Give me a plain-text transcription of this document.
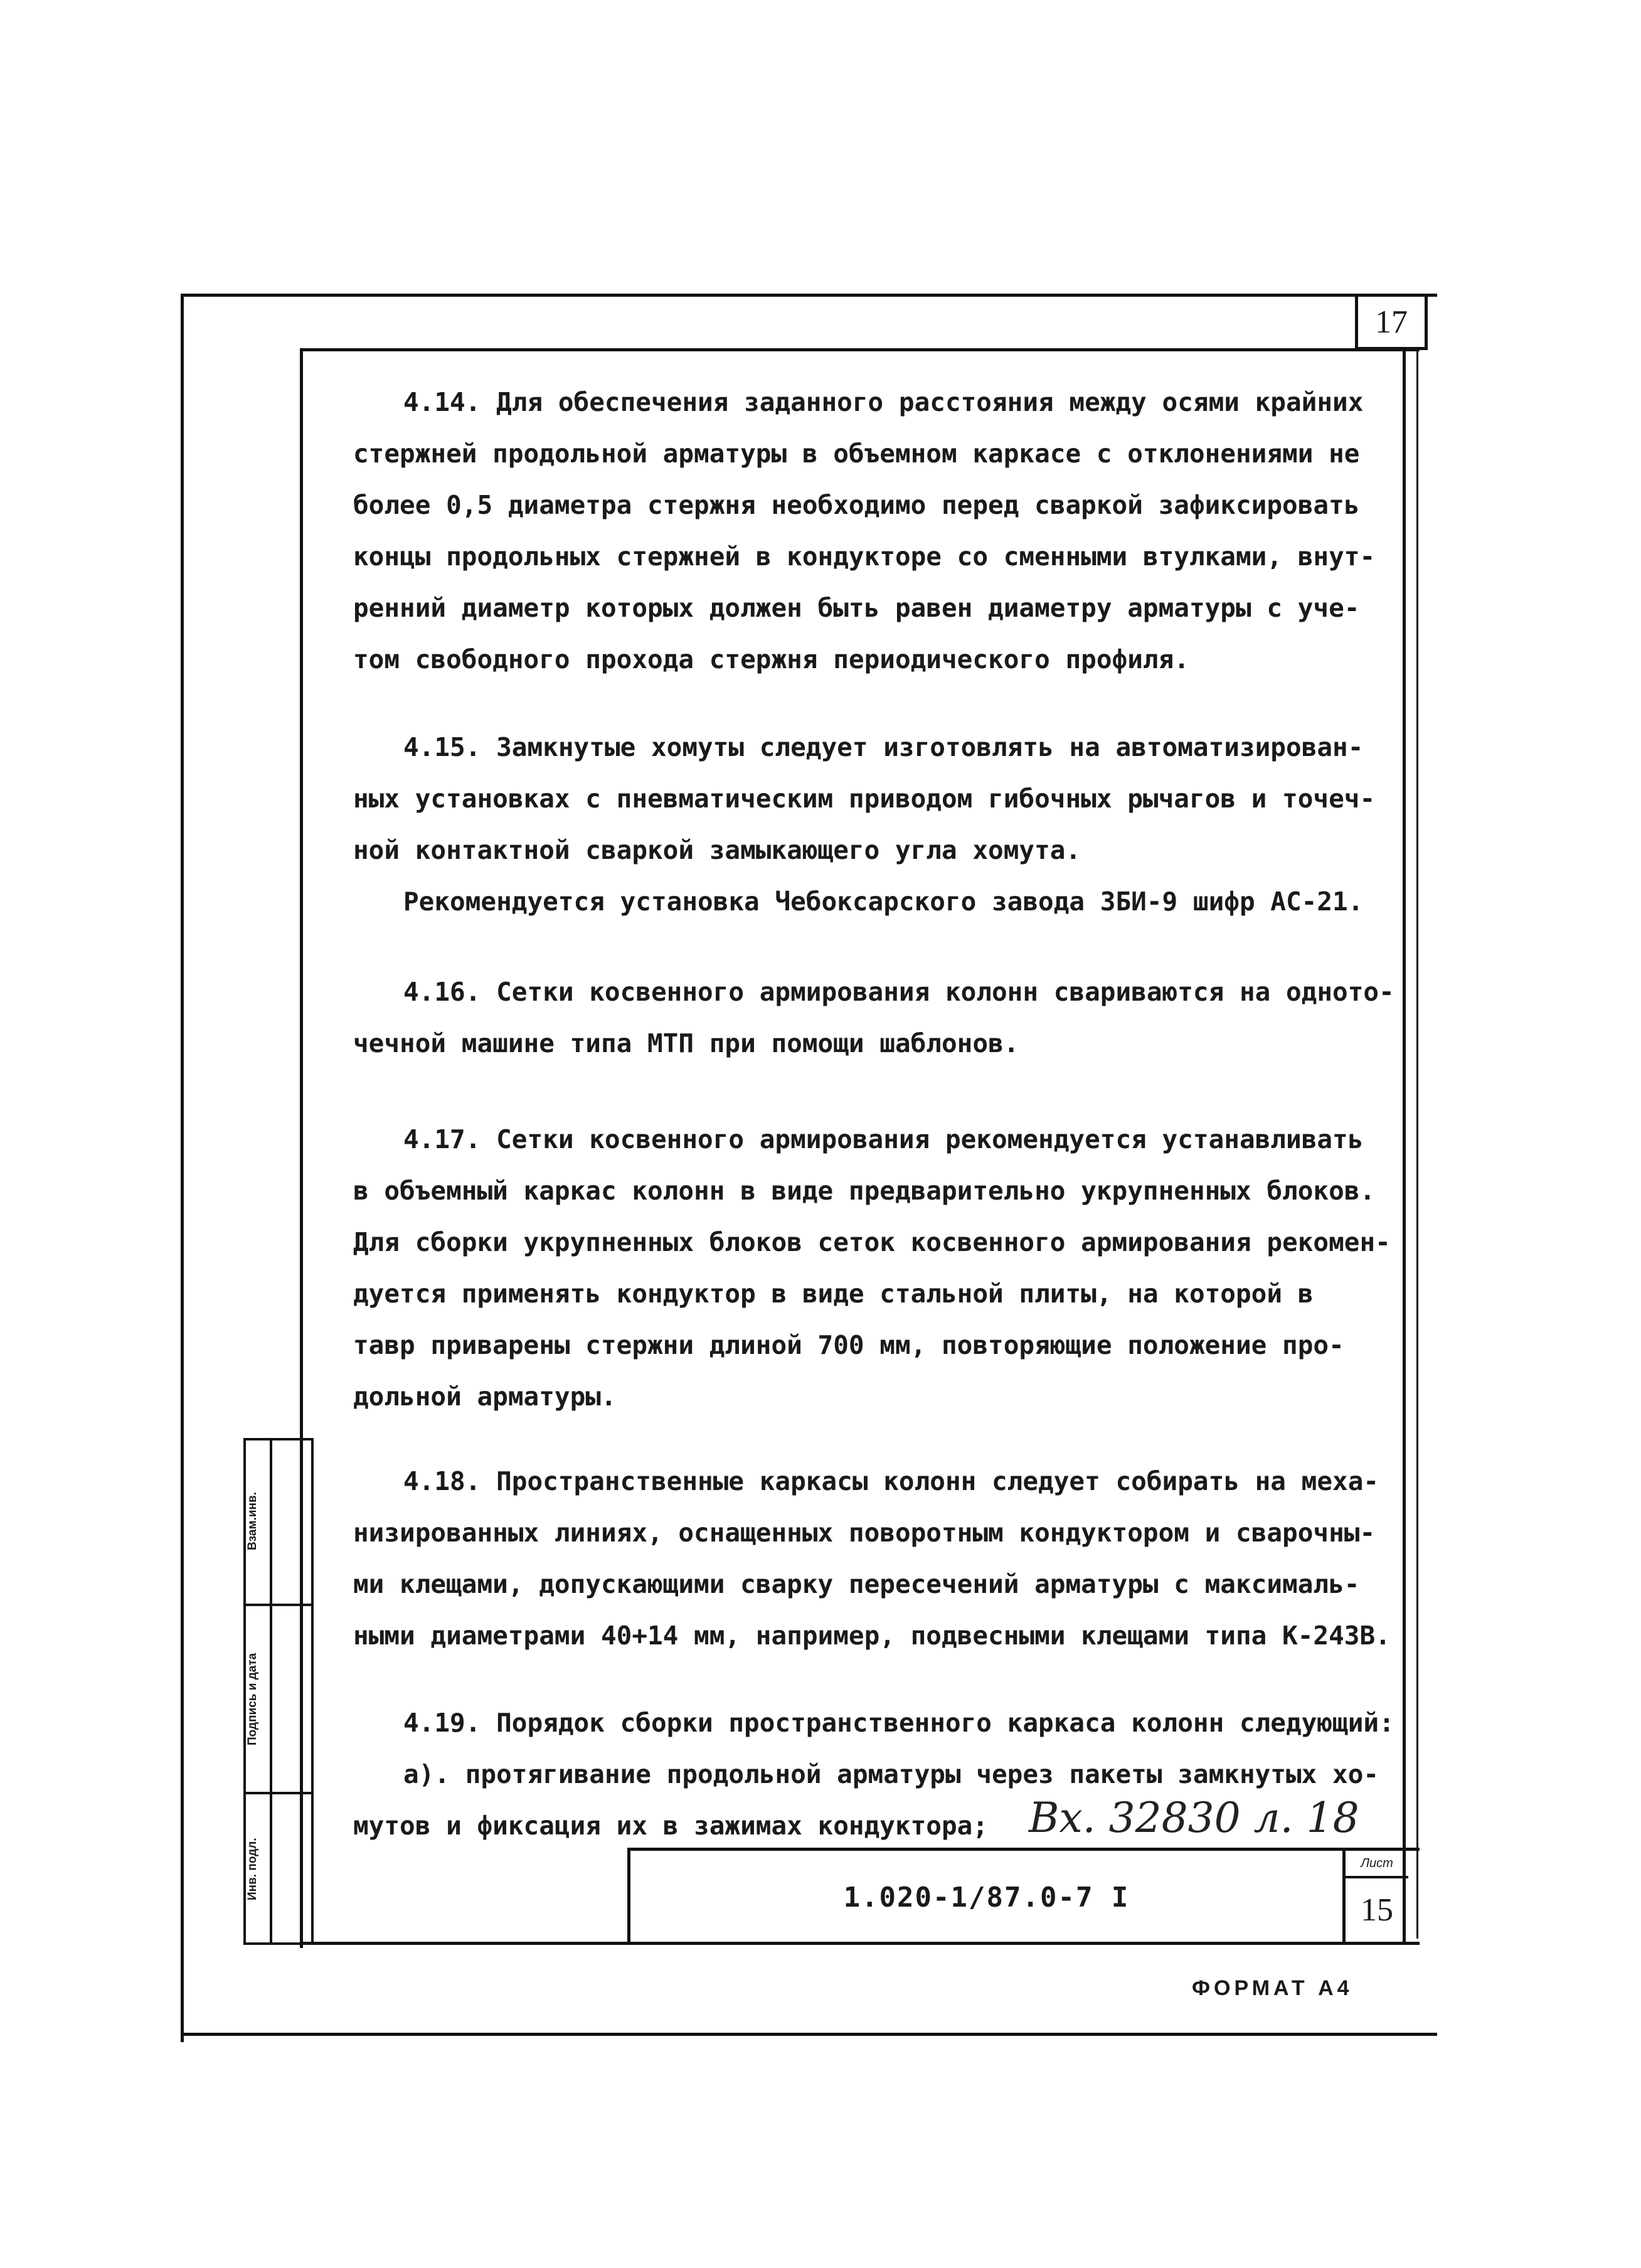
17
4.14. Для обеспечения заданного расстояния между осями крайних
стержней продольной арматуры в объемном каркасе с отклонениями не
более 0,5 диаметра стержня необходимо перед сваркой зафиксировать
концы продольных стержней в кондукторе со сменными втулками, внут-
ренний диаметр которых должен быть равен диаметру арматуры с учe-
том свободного прохода стержня периодического профиля.
4.15. Замкнутые хомуты следует изготовлять на автоматизирован-
ных установках с пневматическим приводом гибочных рычагов и точеч-
ной контактной сваркой замыкающего угла хомута.
Рекомендуется установка Чебоксарского завода ЗБИ-9 шифр АС-21.
4.16. Сетки косвенного армирования колонн свариваются на одното-
чечной машине типа МТП при помощи шаблонов.
4.17. Сетки косвенного армирования рекомендуется устанавливать
в объемный каркас колонн в виде предварительно укрупненных блоков.
Для сборки укрупненных блоков сеток косвенного армирования рекомен-
дуется применять кондуктор в виде стальной плиты, на которой в
тавр приварены стержни длиной 700 мм, повторяющие положение про-
дольной арматуры.
4.18. Пространственные каркасы колонн следует собирать на меха-
низированных линиях, оснащенных поворотным кондуктором и сварочны-
ми клещами, допускающими сварку пересечений арматуры с максималь-
ными диаметрами 40+14 мм, например, подвесными клещами типа К-243В.
4.19. Порядок сборки пространственного каркаса колонн следующий:
а). протягивание продольной арматуры через пакеты замкнутых хо-
мутов и фиксация их в зажимах кондуктора; Вх. 32830 л. 18
Взам.инв.
Подпись и дата
Инв. подл.	1.020-1/87.0-7 I
Лист
15
ФОРМАТ А4
